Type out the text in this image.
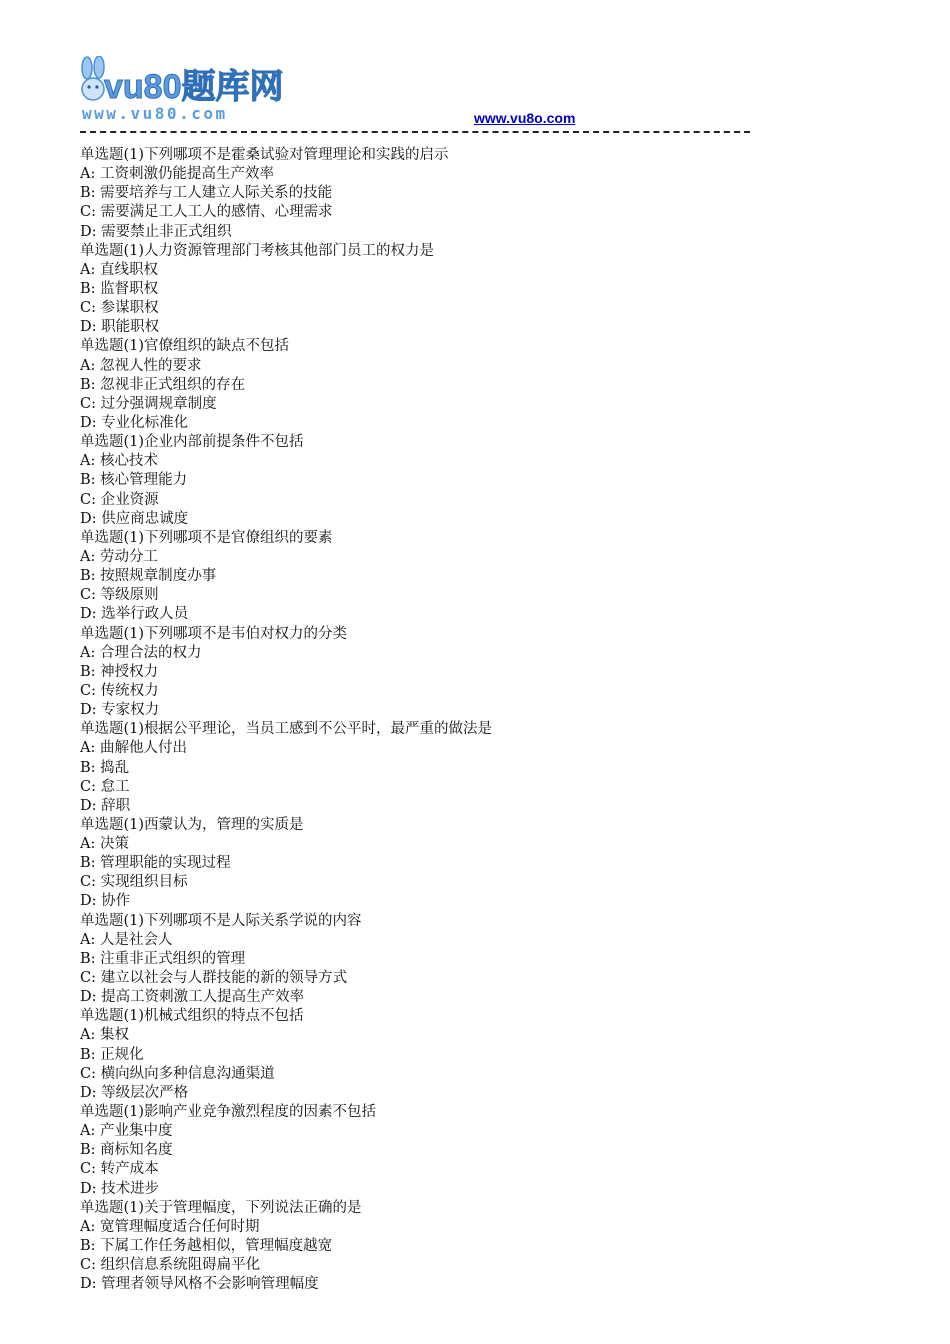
vu80题库网
www.vu80.com	www.vu8o.com
单选题(1)下列哪项不是霍桑试验对管理理论和实践的启示
A: 工资刺激仍能提高生产效率
B: 需要培养与工人建立人际关系的技能
C: 需要满足工人工人的感情、心理需求
D: 需要禁止非正式组织
单选题(1)人力资源管理部门考核其他部门员工的权力是
A: 直线职权
B: 监督职权
C: 参谋职权
D: 职能职权
单选题(1)官僚组织的缺点不包括
A: 忽视人性的要求
B: 忽视非正式组织的存在
C: 过分强调规章制度
D: 专业化标准化
单选题(1)企业内部前提条件不包括
A: 核心技术
B: 核心管理能力
C: 企业资源
D: 供应商忠诚度
单选题(1)下列哪项不是官僚组织的要素
A: 劳动分工
B: 按照规章制度办事
C: 等级原则
D: 选举行政人员
单选题(1)下列哪项不是韦伯对权力的分类
A: 合理合法的权力
B: 神授权力
C: 传统权力
D: 专家权力
单选题(1)根据公平理论，当员工感到不公平时，最严重的做法是
A: 曲解他人付出
B: 捣乱
C: 怠工
D: 辞职
单选题(1)西蒙认为，管理的实质是
A: 决策
B: 管理职能的实现过程
C: 实现组织目标
D: 协作
单选题(1)下列哪项不是人际关系学说的内容
A: 人是社会人
B: 注重非正式组织的管理
C: 建立以社会与人群技能的新的领导方式
D: 提高工资刺激工人提高生产效率
单选题(1)机械式组织的特点不包括
A: 集权
B: 正规化
C: 横向纵向多种信息沟通渠道
D: 等级层次严格
单选题(1)影响产业竞争激烈程度的因素不包括
A: 产业集中度
B: 商标知名度
C: 转产成本
D: 技术进步
单选题(1)关于管理幅度，下列说法正确的是
A: 宽管理幅度适合任何时期
B: 下属工作任务越相似，管理幅度越宽
C: 组织信息系统阻碍扁平化
D: 管理者领导风格不会影响管理幅度
